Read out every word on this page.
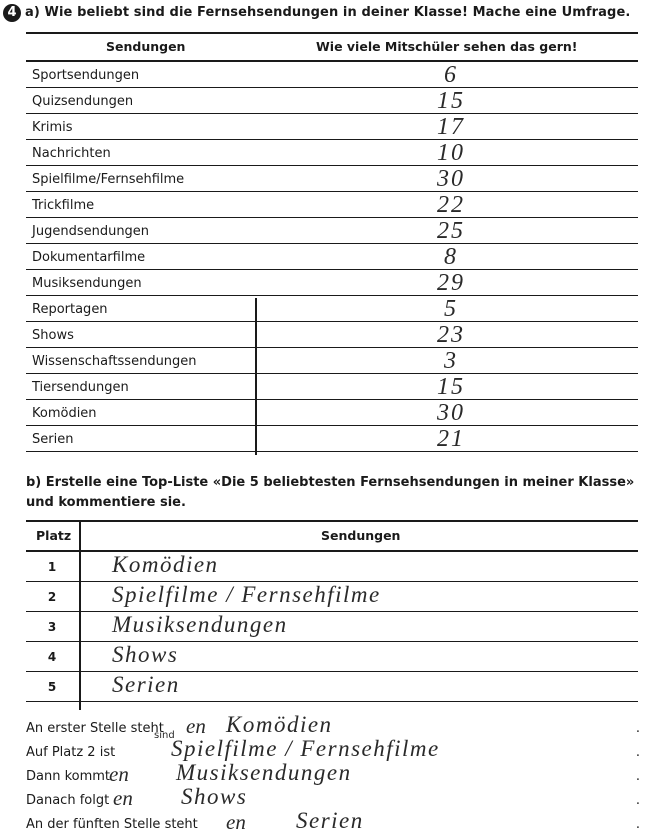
4 a) Wie beliebt sind die Fernsehsendungen in deiner Klasse! Mache eine Umfrage.
Sendungen	Wie viele Mitschüler sehen das gern!
Sportsendungen	6
Quizsendungen	15
Krimis	17
Nachrichten	10
Spielfilme/Fernsehfilme	30
Trickfilme	22
Jugendsendungen	25
Dokumentarfilme	8
Musiksendungen	29
Reportagen	5
Shows	23
Wissenschaftssendungen	3
Tiersendungen	15
Komödien	30
Serien	21
b) Erstelle eine Top-Liste «Die 5 beliebtesten Fernsehsendungen in meiner Klasse» und kommentiere sie.
Platz	Sendungen
1	Komödien
2	Spielfilme / Fernsehfilme
3	Musiksendungen
4	Shows
5	Serien
An erster Stelle steht en Komödien	.
Auf Platz 2 ist
sind
Spielfilme / Fernsehfilme	.
Dann kommt
en Musiksendungen	.
Danach folgt en Shows	.
An der fünften Stelle steht en Serien	.
